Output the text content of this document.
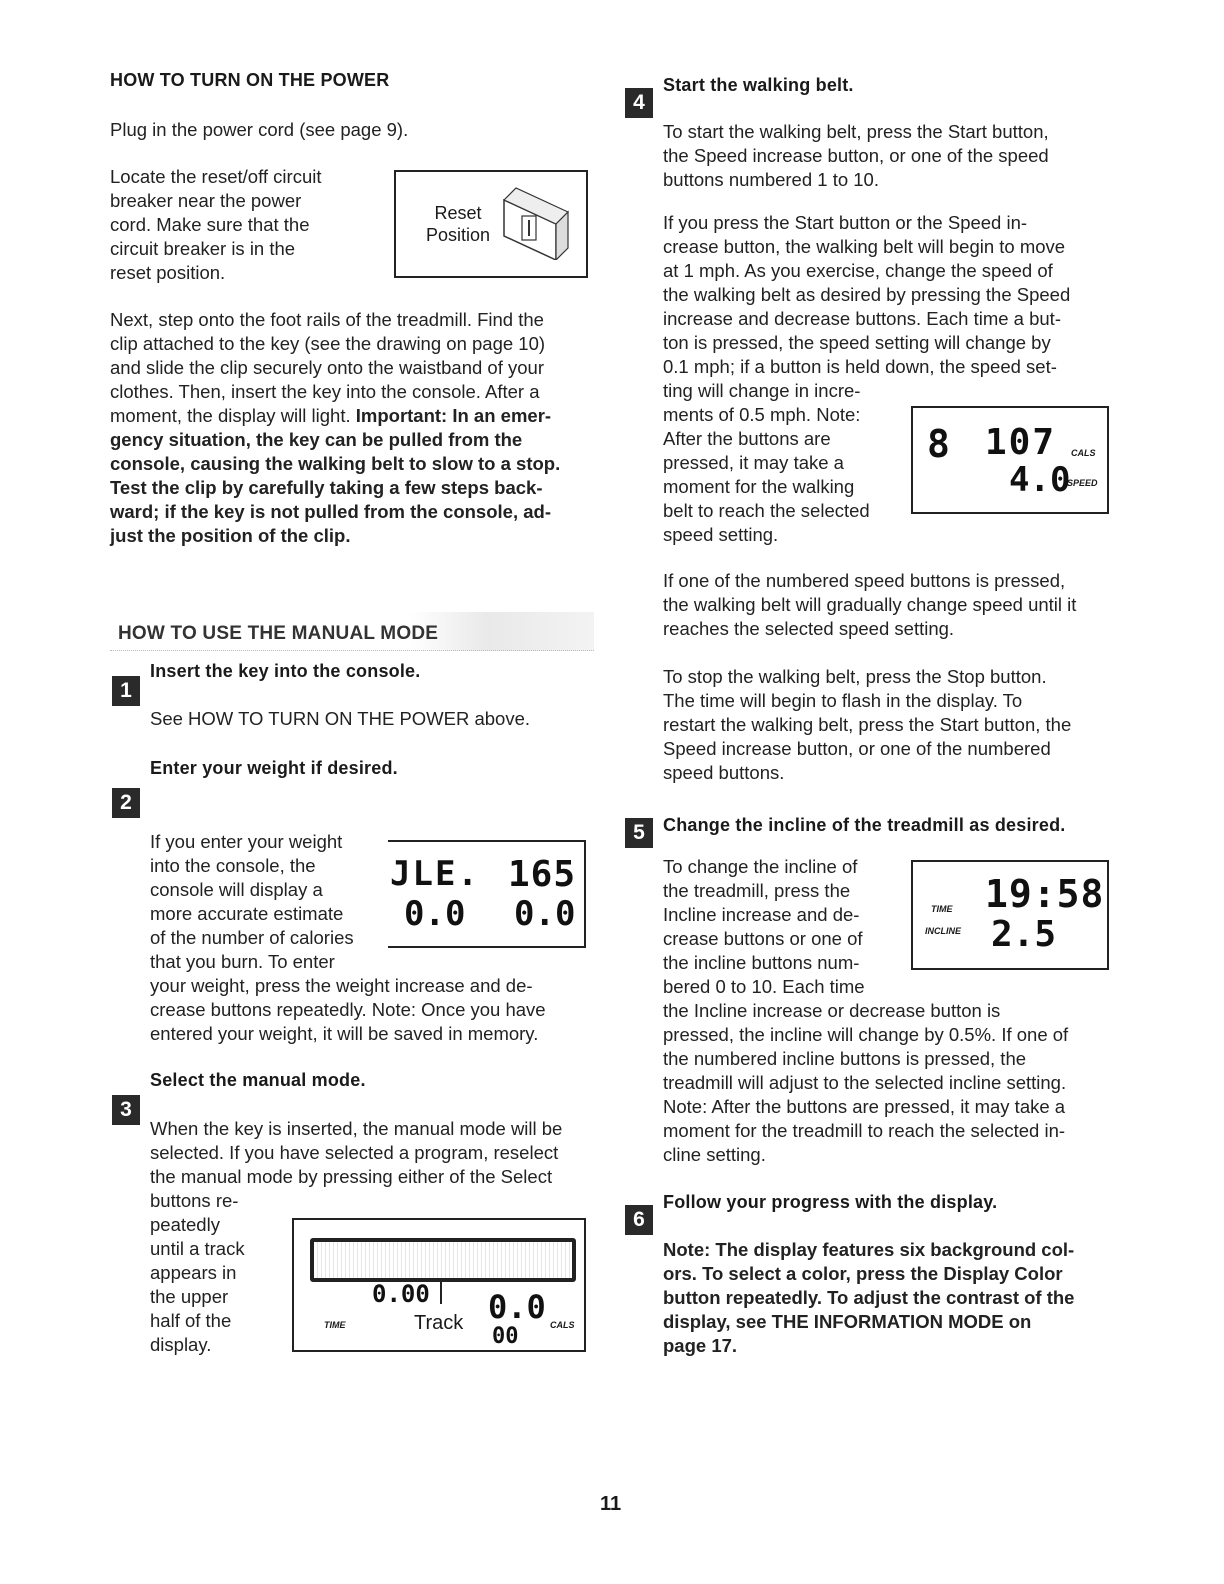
HOW TO TURN ON THE POWER

Plug in the power cord (see page 9).

Locate the reset/off circuit

breaker near the power

cord. Make sure that the

circuit breaker is in the

reset position.

Reset
Position

Next, step onto the foot rails of the treadmill. Find the

clip attached to the key (see the drawing on page 10)

and slide the clip securely onto the waistband of your

clothes. Then, insert the key into the console. After a

moment, the display will light. Important: In an emer-

gency situation, the key can be pulled from the

console, causing the walking belt to slow to a stop.

Test the clip by carefully taking a few steps back-

ward; if the key is not pulled from the console, ad-

just the position of the clip.

HOW TO USE THE MANUAL MODE
1
Insert the key into the console.

See HOW TO TURN ON THE POWER above.

2
Enter your weight if desired.

If you enter your weight

into the console, the

console will display a

more accurate estimate

of the number of calories

that you burn. To enter

your weight, press the weight increase and de-

crease buttons repeatedly. Note: Once you have

entered your weight, it will be saved in memory.

JLE. 165
0.0 0.0
3
Select the manual mode.

When the key is inserted, the manual mode will be

selected. If you have selected a program, reselect

the manual mode by pressing either of the Select

buttons re-

peatedly

until a track

appears in

the upper

half of the

display.

TIME
0.00
Track 0.0 CALS
00
4
Start the walking belt.

To start the walking belt, press the Start button,

the Speed increase button, or one of the speed

buttons numbered 1 to 10.

If you press the Start button or the Speed in-

crease button, the walking belt will begin to move

at 1 mph. As you exercise, change the speed of

the walking belt as desired by pressing the Speed

increase and decrease buttons. Each time a but-

ton is pressed, the speed setting will change by

0.1 mph; if a button is held down, the speed set-

ting will change in incre-

ments of 0.5 mph. Note:

After the buttons are

pressed, it may take a

moment for the walking

belt to reach the selected

speed setting.

8 107 CALS
4.0
SPEED

If one of the numbered speed buttons is pressed,

the walking belt will gradually change speed until it

reaches the selected speed setting.

To stop the walking belt, press the Stop button.

The time will begin to flash in the display. To

restart the walking belt, press the Start button, the

Speed increase button, or one of the numbered

speed buttons.

5	Change the incline of the treadmill as desired.

To change the incline of

the treadmill, press the

Incline increase and de-

crease buttons or one of

the incline buttons num-

bered 0 to 10. Each time

the Incline increase or decrease button is

pressed, the incline will change by 0.5%. If one of

the numbered incline buttons is pressed, the

treadmill will adjust to the selected incline setting.

Note: After the buttons are pressed, it may take a

moment for the treadmill to reach the selected in-

cline setting.

TIME
INCLINE
19:58
2.5
6
Follow your progress with the display.

Note: The display features six background col-

ors. To select a color, press the Display Color

button repeatedly. To adjust the contrast of the

display, see THE INFORMATION MODE on

page 17.

11
